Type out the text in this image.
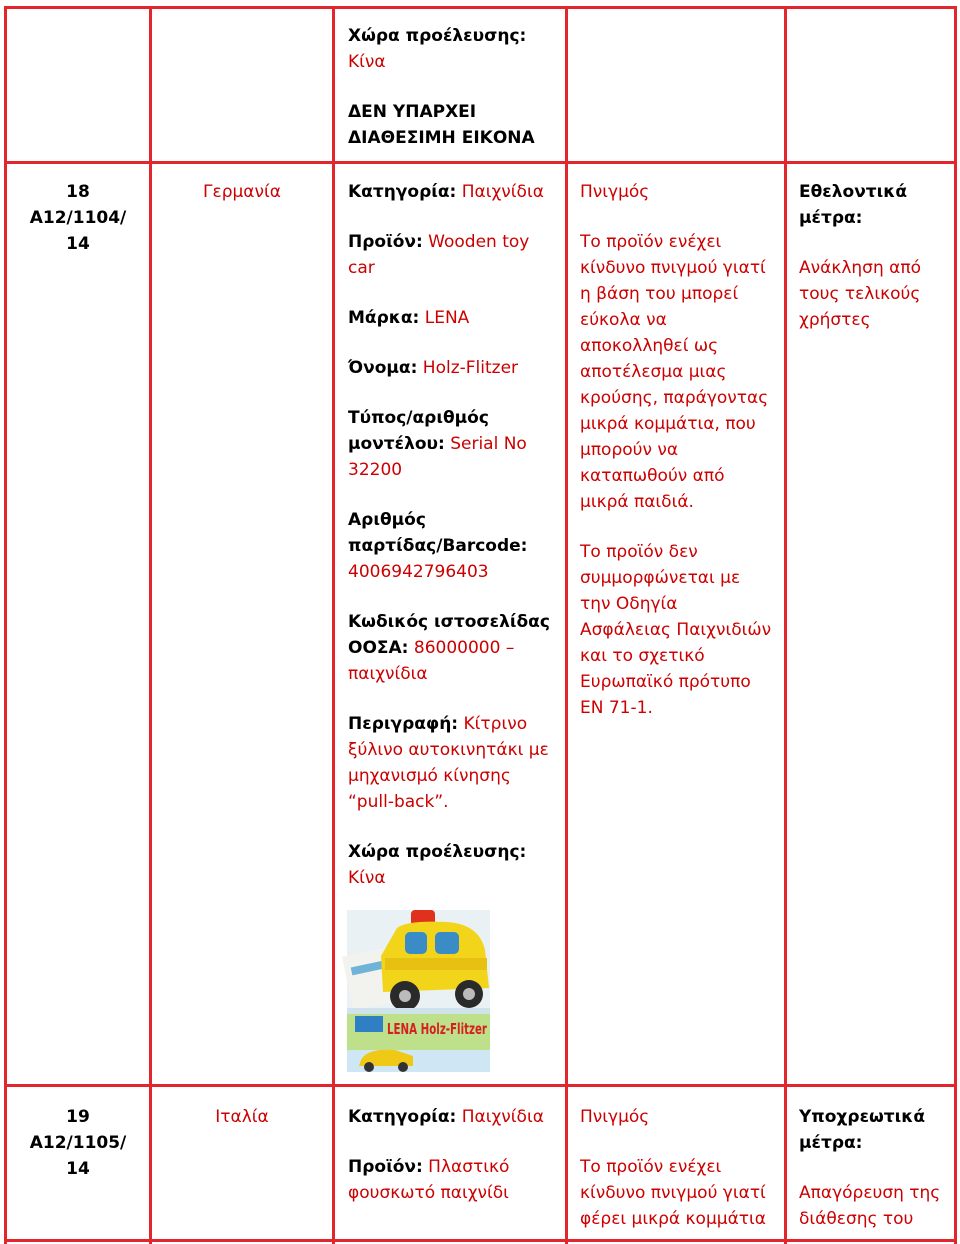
Χώρα προέλευσης:
Κίνα
ΔΕΝ ΥΠΑΡΧΕΙ
ΔΙΑΘΕΣΙΜΗ ΕΙΚΟΝΑ
18
A12/1104/
14
Γερμανία	Κατηγορία: Παιχνίδια
Προϊόν: Wooden toy
car
Μάρκα: LENA
Όνομα: Holz-Flitzer
Τύπος/αριθμός
μοντέλου: Serial No
32200
Αριθμός
παρτίδας/Barcode:
4006942796403
Κωδικός ιστοσελίδας
ΟΟΣΑ: 86000000 –
παιχνίδια
Περιγραφή: Κίτρινο
ξύλινο αυτοκινητάκι με
μηχανισμό κίνησης
“pull-back”.
Χώρα προέλευσης:
Κίνα
LENA Holz-Flitzer
Πνιγμός
Το προϊόν ενέχει
κίνδυνο πνιγμού γιατί
η βάση του μπορεί
εύκολα να
αποκολληθεί ως
αποτέλεσμα μιας
κρούσης, παράγοντας
μικρά κομμάτια, που
μπορούν να
καταπωθούν από
μικρά παιδιά.
Το προϊόν δεν
συμμορφώνεται με
την Οδηγία
Ασφάλειας Παιχνιδιών
και το σχετικό
Ευρωπαϊκό πρότυπο
EN 71-1.
Εθελοντικά
μέτρα:
Ανάκληση από
τους τελικούς
χρήστες
19
A12/1105/
14
Ιταλία	Κατηγορία: Παιχνίδια
Προϊόν: Πλαστικό
φουσκωτό παιχνίδι
Πνιγμός
Το προϊόν ενέχει
κίνδυνο πνιγμού γιατί
φέρει μικρά κομμάτια
Υποχρεωτικά
μέτρα:
Απαγόρευση της
διάθεσης του
